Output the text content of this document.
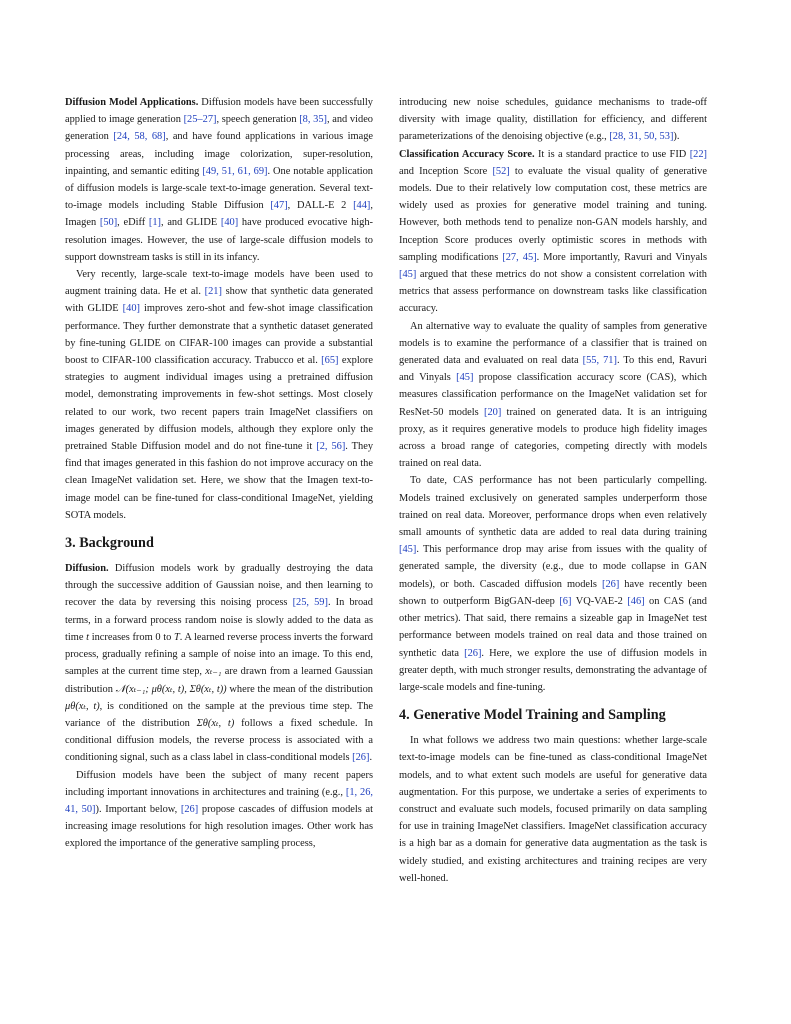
Diffusion Model Applications. Diffusion models have been successfully applied to image generation [25–27], speech generation [8, 35], and video generation [24, 58, 68], and have found applications in various image processing areas, including image colorization, super-resolution, inpainting, and semantic editing [49, 51, 61, 69]. One notable application of diffusion models is large-scale text-to-image generation. Several text-to-image models including Stable Diffusion [47], DALL-E 2 [44], Imagen [50], eDiff [1], and GLIDE [40] have produced evocative high-resolution images. However, the use of large-scale diffusion models to support downstream tasks is still in its infancy.

Very recently, large-scale text-to-image models have been used to augment training data. He et al. [21] show that synthetic data generated with GLIDE [40] improves zero-shot and few-shot image classification performance. They further demonstrate that a synthetic dataset generated by fine-tuning GLIDE on CIFAR-100 images can provide a substantial boost to CIFAR-100 classification accuracy. Trabucco et al. [65] explore strategies to augment individual images using a pretrained diffusion model, demonstrating improvements in few-shot settings. Most closely related to our work, two recent papers train ImageNet classifiers on images generated by diffusion models, although they explore only the pretrained Stable Diffusion model and do not fine-tune it [2, 56]. They find that images generated in this fashion do not improve accuracy on the clean ImageNet validation set. Here, we show that the Imagen text-to-image model can be fine-tuned for class-conditional ImageNet, yielding SOTA models.

3. Background

Diffusion. Diffusion models work by gradually destroying the data through the successive addition of Gaussian noise, and then learning to recover the data by reversing this noising process [25, 59]. In broad terms, in a forward process random noise is slowly added to the data as time t increases from 0 to T. A learned reverse process inverts the forward process, gradually refining a sample of noise into an image. To this end, samples at the current time step, xₜ₋₁ are drawn from a learned Gaussian distribution 𝒩(xₜ₋₁; μθ(xₜ, t), Σθ(xₜ, t)) where the mean of the distribution μθ(xₜ, t), is conditioned on the sample at the previous time step. The variance of the distribution Σθ(xₜ, t) follows a fixed schedule. In conditional diffusion models, the reverse process is associated with a conditioning signal, such as a class label in class-conditional models [26].

Diffusion models have been the subject of many recent papers including important innovations in architectures and training (e.g., [1, 26, 41, 50]). Important below, [26] propose cascades of diffusion models at increasing image resolutions for high resolution images. Other work has explored the importance of the generative sampling process,

introducing new noise schedules, guidance mechanisms to trade-off diversity with image quality, distillation for efficiency, and different parameterizations of the denoising objective (e.g., [28, 31, 50, 53]).

Classification Accuracy Score. It is a standard practice to use FID [22] and Inception Score [52] to evaluate the visual quality of generative models. Due to their relatively low computation cost, these metrics are widely used as proxies for generative model training and tuning. However, both methods tend to penalize non-GAN models harshly, and Inception Score produces overly optimistic scores in methods with sampling modifications [27, 45]. More importantly, Ravuri and Vinyals [45] argued that these metrics do not show a consistent correlation with metrics that assess performance on downstream tasks like classification accuracy.

An alternative way to evaluate the quality of samples from generative models is to examine the performance of a classifier that is trained on generated data and evaluated on real data [55, 71]. To this end, Ravuri and Vinyals [45] propose classification accuracy score (CAS), which measures classification performance on the ImageNet validation set for ResNet-50 models [20] trained on generated data. It is an intriguing proxy, as it requires generative models to produce high fidelity images across a broad range of categories, competing directly with models trained on real data.

To date, CAS performance has not been particularly compelling. Models trained exclusively on generated samples underperform those trained on real data. Moreover, performance drops when even relatively small amounts of synthetic data are added to real data during training [45]. This performance drop may arise from issues with the quality of generated sample, the diversity (e.g., due to mode collapse in GAN models), or both. Cascaded diffusion models [26] have recently been shown to outperform BigGAN-deep [6] VQ-VAE-2 [46] on CAS (and other metrics). That said, there remains a sizeable gap in ImageNet test performance between models trained on real data and those trained on synthetic data [26]. Here, we explore the use of diffusion models in greater depth, with much stronger results, demonstrating the advantage of large-scale models and fine-tuning.

4. Generative Model Training and Sampling

In what follows we address two main questions: whether large-scale text-to-image models can be fine-tuned as class-conditional ImageNet models, and to what extent such models are useful for generative data augmentation. For this purpose, we undertake a series of experiments to construct and evaluate such models, focused primarily on data sampling for use in training ImageNet classifiers. ImageNet classification accuracy is a high bar as a domain for generative data augmentation as the task is widely studied, and existing architectures and training recipes are very well-honed.
